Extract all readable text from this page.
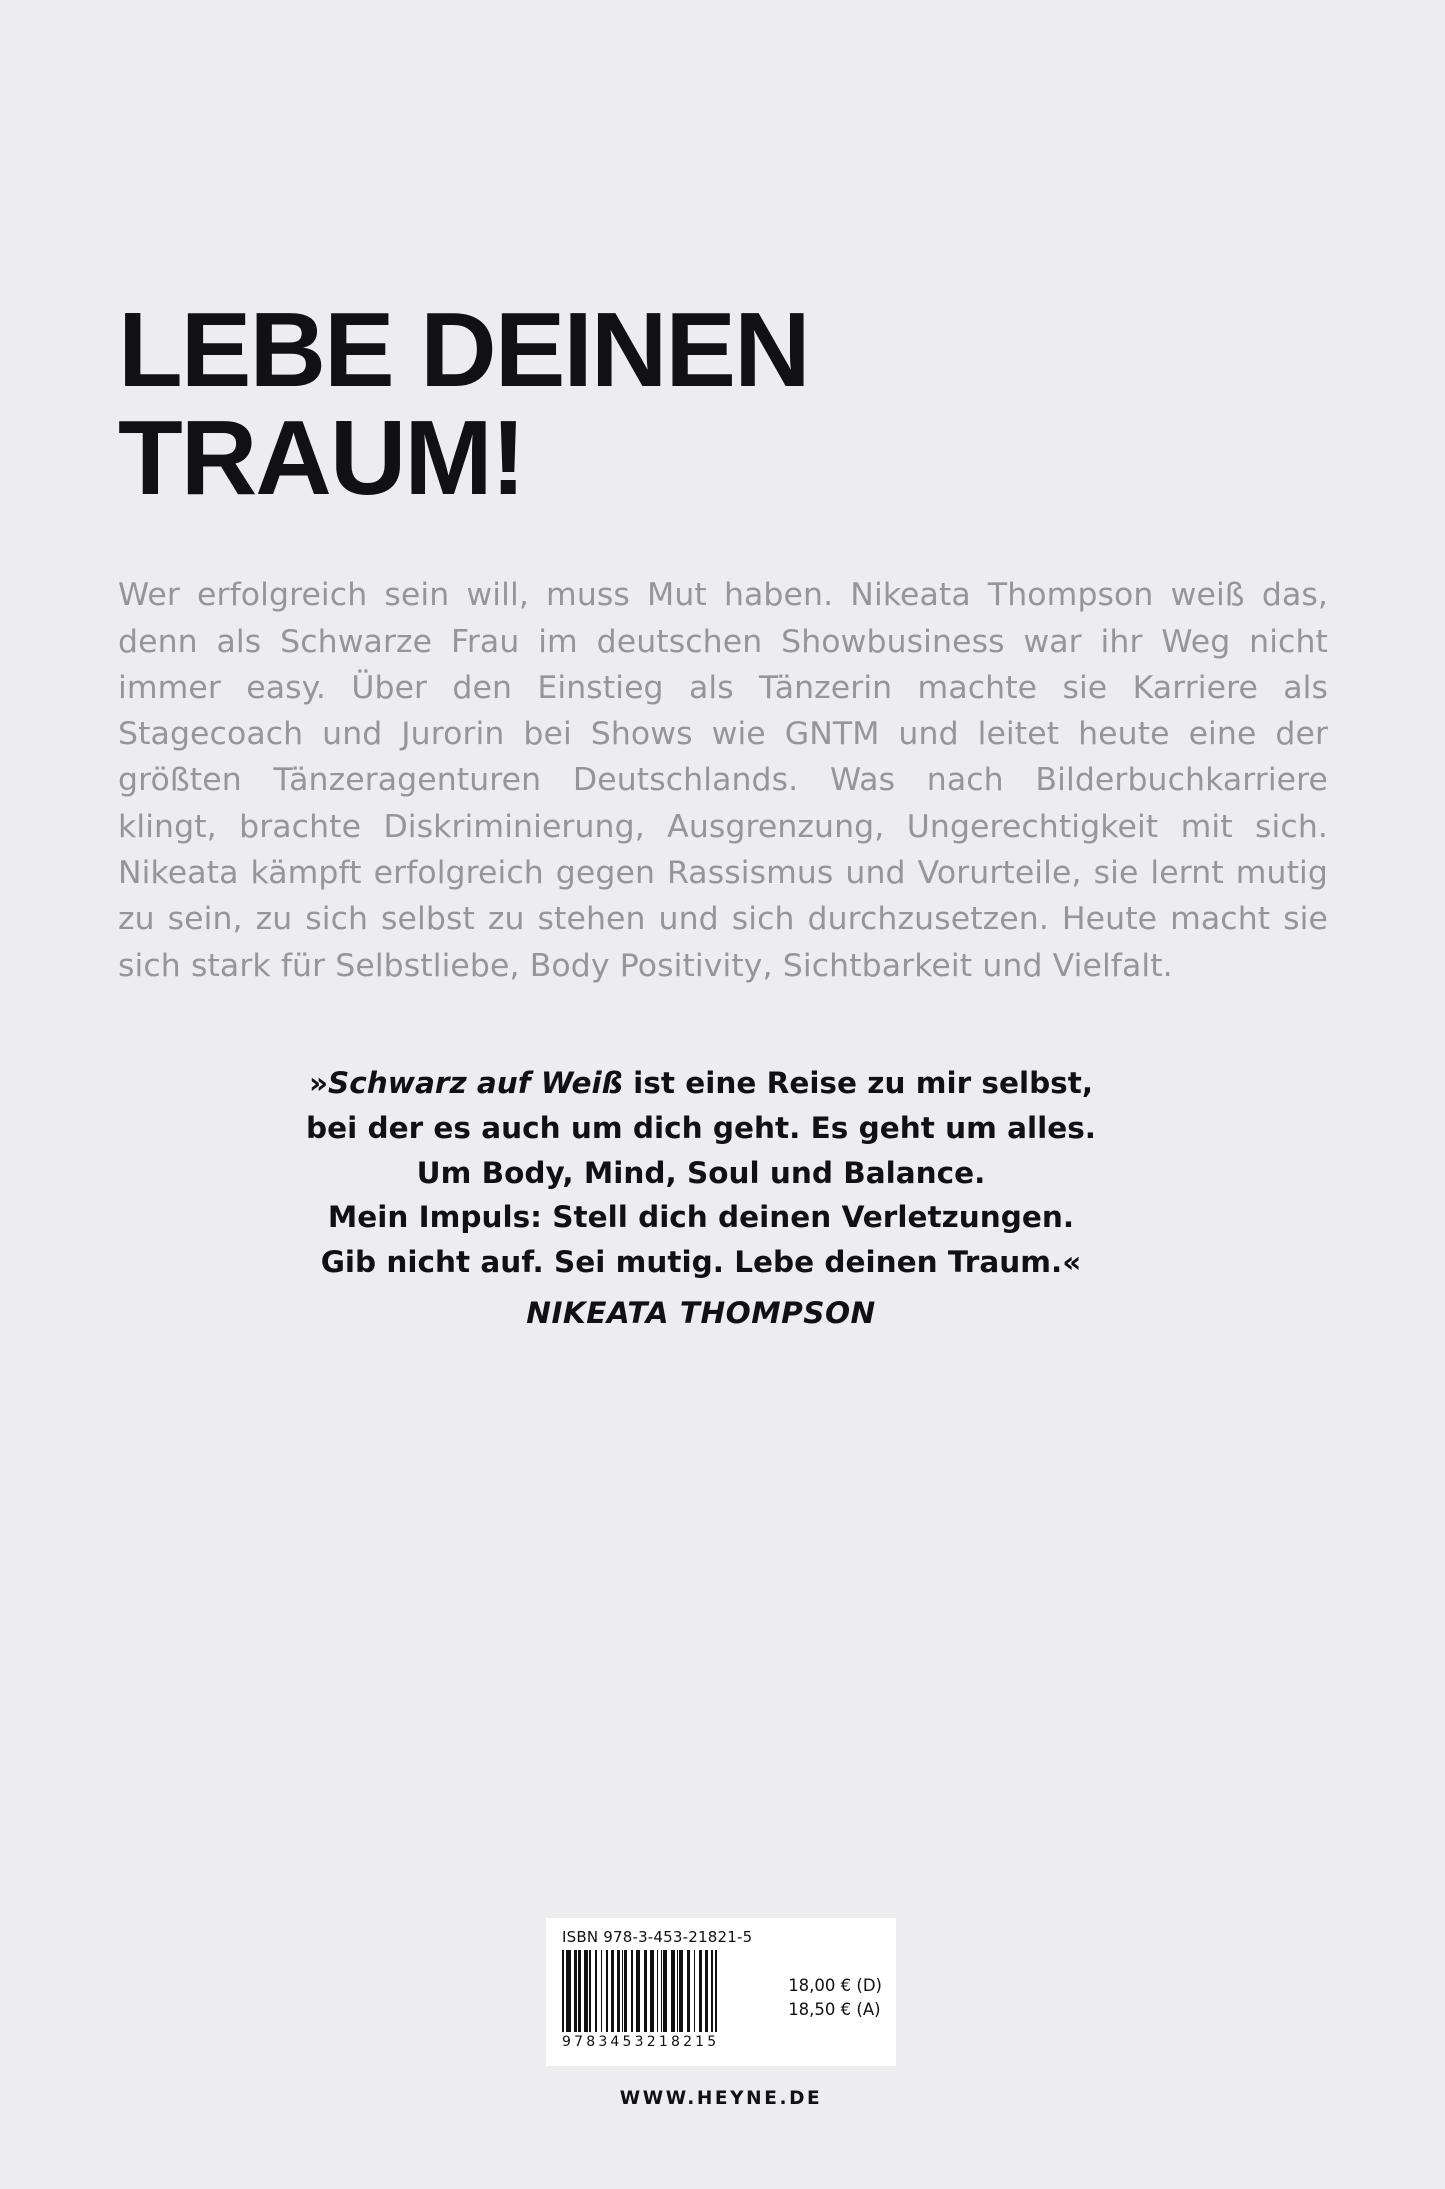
LEBE DEINEN
TRAUM!

Wer erfolgreich sein will, muss Mut haben. Nikeata Thompson weiß das, denn als Schwarze Frau im deutschen Showbusiness war ihr Weg nicht immer easy. Über den Einstieg als Tänzerin machte sie Karriere als Stagecoach und Jurorin bei Shows wie GNTM und leitet heute eine der größten Tänzeragenturen Deutschlands. Was nach Bilderbuchkarriere klingt, brachte Diskriminierung, Ausgrenzung, Ungerechtigkeit mit sich. Nikeata kämpft erfolgreich gegen Rassismus und Vorurteile, sie lernt mutig zu sein, zu sich selbst zu stehen und sich durchzusetzen. Heute macht sie sich stark für Selbstliebe, Body Positivity, Sichtbarkeit und Vielfalt.

»Schwarz auf Weiß ist eine Reise zu mir selbst,
bei der es auch um dich geht. Es geht um alles.
Um Body, Mind, Soul und Balance.
Mein Impuls: Stell dich deinen Verletzungen.
Gib nicht auf. Sei mutig. Lebe deinen Traum.«
NIKEATA THOMPSON
ISBN 978-3-453-21821-5
9783453218215
18,00 € (D)
18,50 € (A)
WWW.HEYNE.DE
